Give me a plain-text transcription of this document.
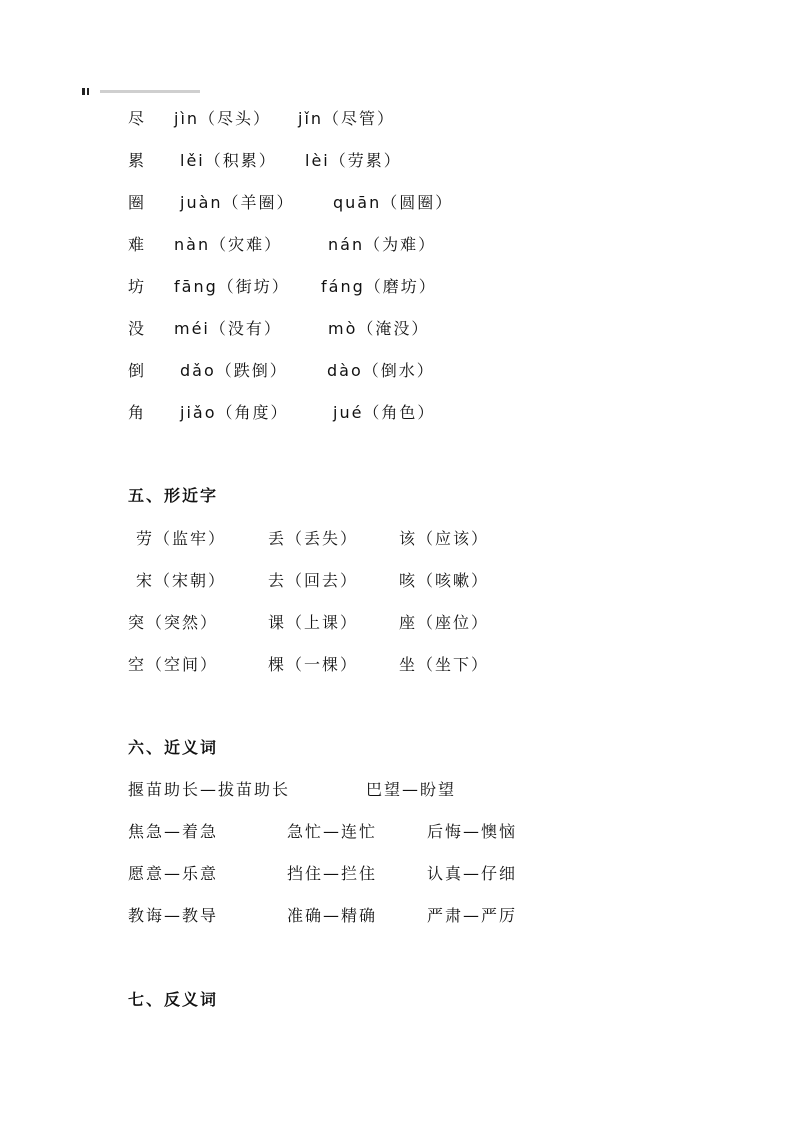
尽 jìn（尽头） jǐn（尽管）
累 lěi（积累） lèi（劳累）
圈 juàn（羊圈） quān（圆圈）
难 nàn（灾难）	nán（为难）
坊 fāng（街坊） fáng（磨坊）
没 méi（没有）	mò（淹没）
倒 dǎo（跌倒） dào（倒水）
角 jiǎo（角度）	jué（角色）
五、形近字
劳（监牢）	丢（丢失）	该（应该）
宋（宋朝）	去（回去）	咳（咳嗽）
突（突然）	课（上课）	座（座位）
空（空间）	棵（一棵）	坐（坐下）
六、近义词
揠苗助长—拔苗助长	巴望—盼望
焦急—着急	急忙—连忙	后悔—懊恼
愿意—乐意	挡住—拦住	认真—仔细
教诲—教导	准确—精确	严肃—严厉
七、反义词
